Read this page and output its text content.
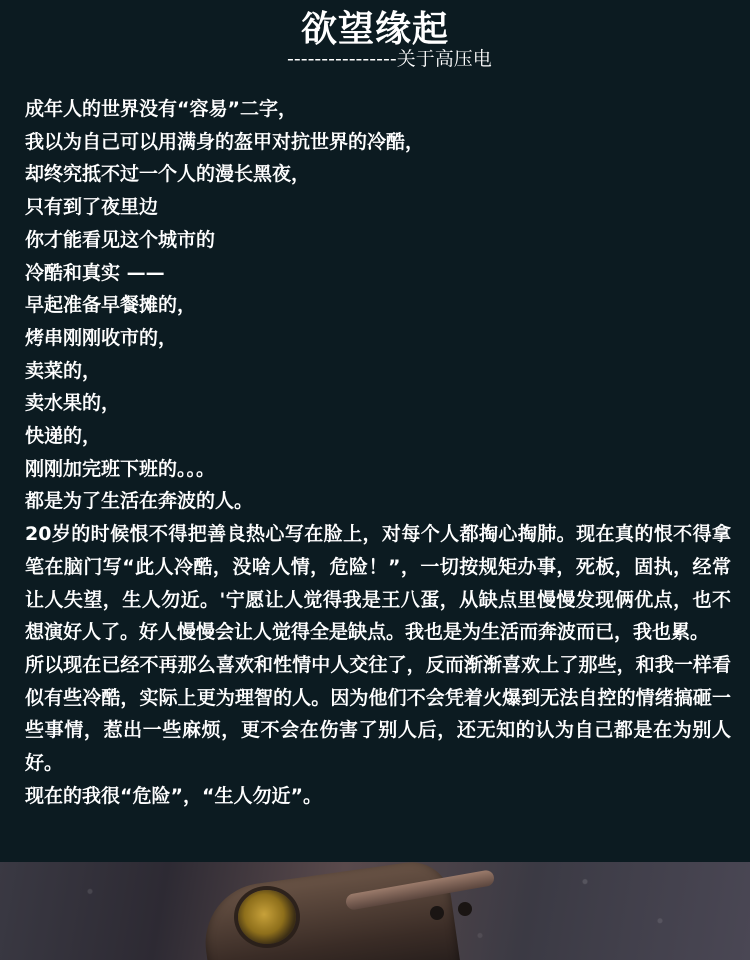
欲望缘起
----------------关于高压电
成年人的世界没有“容易”二字，
我以为自己可以用满身的盔甲对抗世界的冷酷，
却终究抵不过一个人的漫长黑夜，
只有到了夜里边
你才能看见这个城市的
冷酷和真实 ——
早起准备早餐摊的，
烤串刚刚收市的，
卖菜的，
卖水果的，
快递的，
刚刚加完班下班的。。。
都是为了生活在奔波的人。
20岁的时候恨不得把善良热心写在脸上，对每个人都掏心掏肺。现在真的恨不得拿笔在脑门写“此人冷酷，没啥人情，危险！”，一切按规矩办事，死板，固执，经常让人失望，生人勿近。'宁愿让人觉得我是王八蛋，从缺点里慢慢发现俩优点，也不想演好人了。好人慢慢会让人觉得全是缺点。我也是为生活而奔波而已，我也累。
所以现在已经不再那么喜欢和性情中人交往了，反而渐渐喜欢上了那些，和我一样看似有些冷酷，实际上更为理智的人。因为他们不会凭着火爆到无法自控的情绪搞砸一些事情，惹出一些麻烦，更不会在伤害了别人后，还无知的认为自己都是在为别人好。
现在的我很“危险”，“生人勿近”。
